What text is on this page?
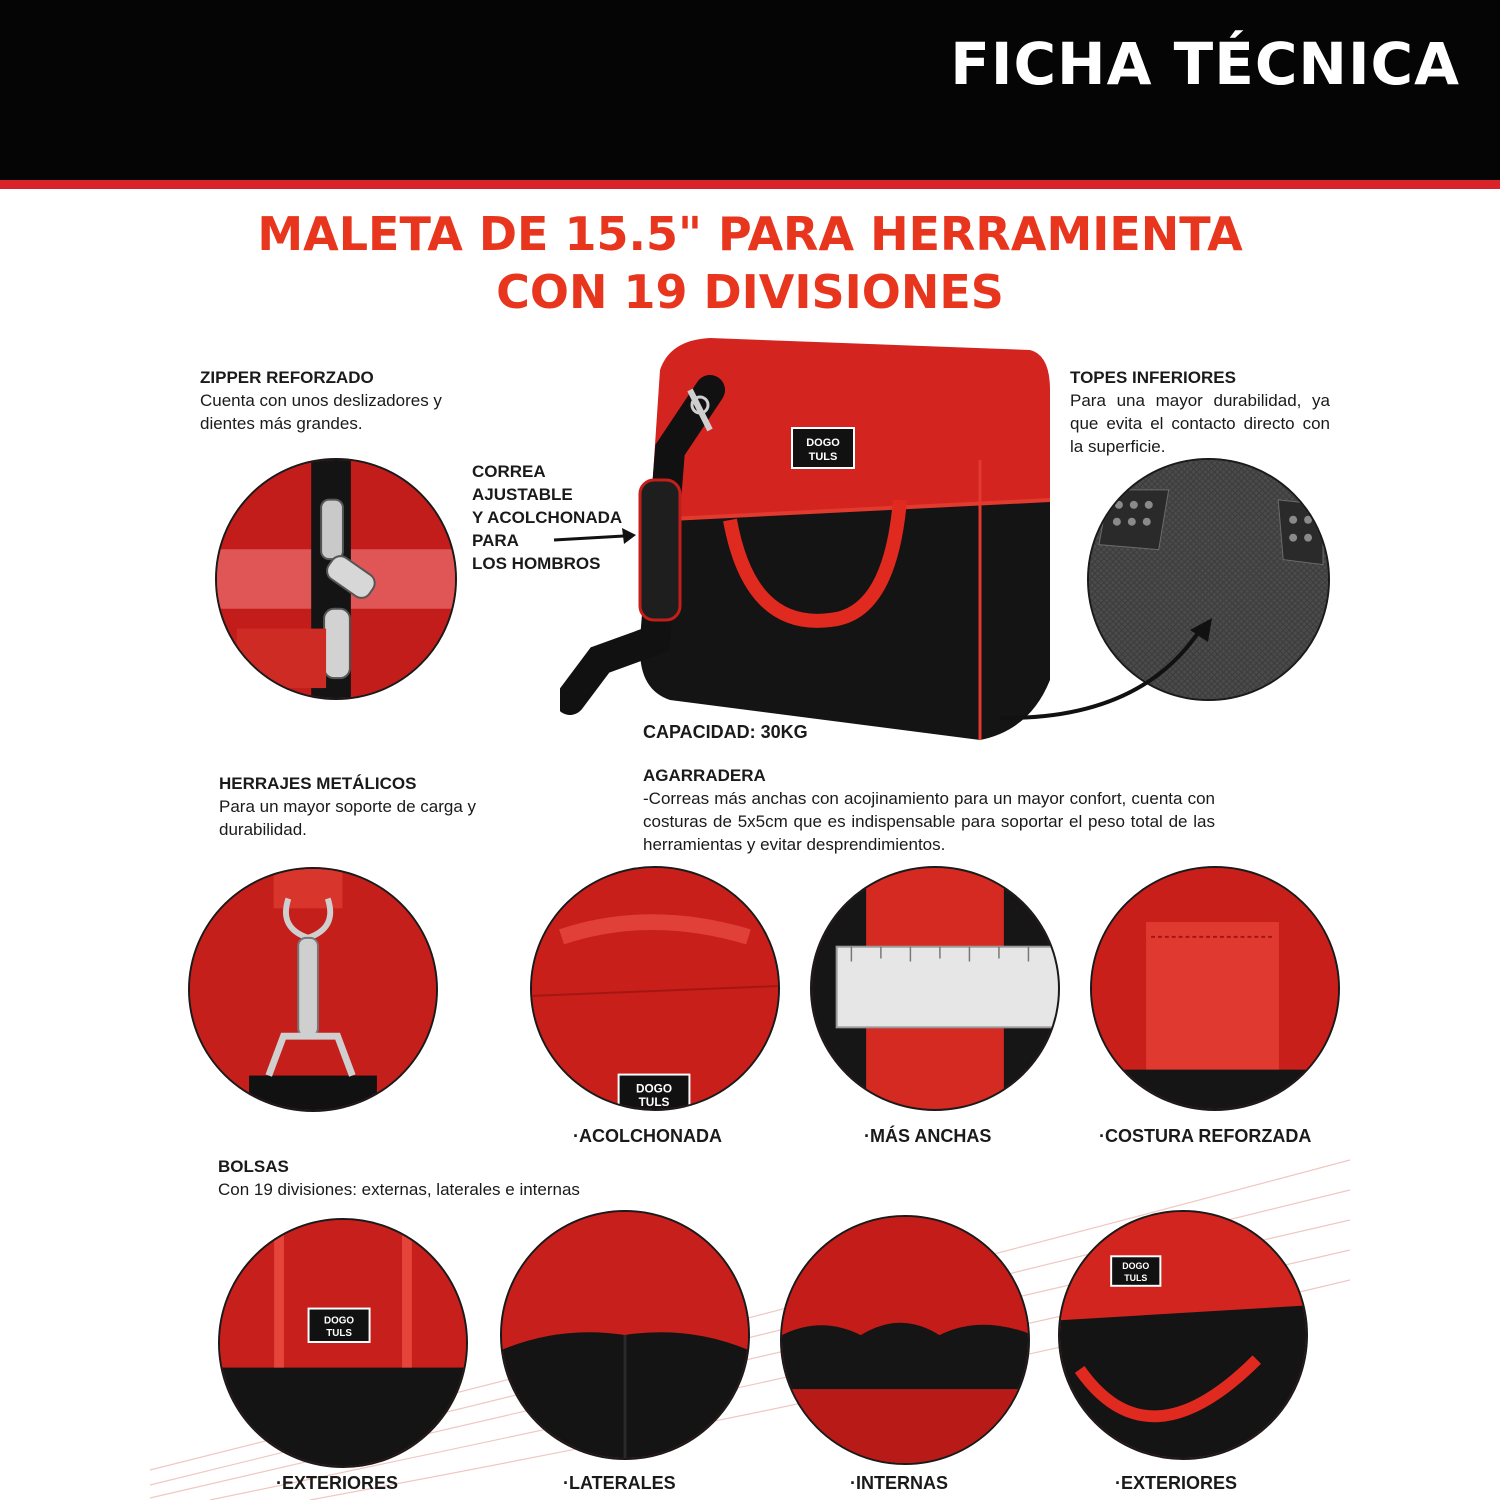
FICHA TÉCNICA
MALETA DE 15.5" PARA HERRAMIENTA
CON 19 DIVISIONES
ZIPPER REFORZADO
Cuenta con unos deslizadores y dientes más grandes.
CORREA
AJUSTABLE
Y ACOLCHONADA
PARA
LOS HOMBROS
DOGO
TULS
CAPACIDAD: 30KG
TOPES INFERIORES
Para una mayor durabilidad, ya que evita el contacto directo con la superficie.
HERRAJES METÁLICOS
Para un mayor soporte de carga y durabilidad.
AGARRADERA
-Correas más anchas con acojinamiento para un mayor confort, cuenta con costuras de 5x5cm que es indispensable para soportar el peso total de las herramientas y evitar desprendimientos.
DOGO
TULS
·ACOLCHONADA	·MÁS ANCHAS	·COSTURA REFORZADA
BOLSAS
Con 19 divisiones: externas, laterales e internas
DOGO
TULS
DOGO
TULS
·EXTERIORES	·LATERALES	·INTERNAS	·EXTERIORES
